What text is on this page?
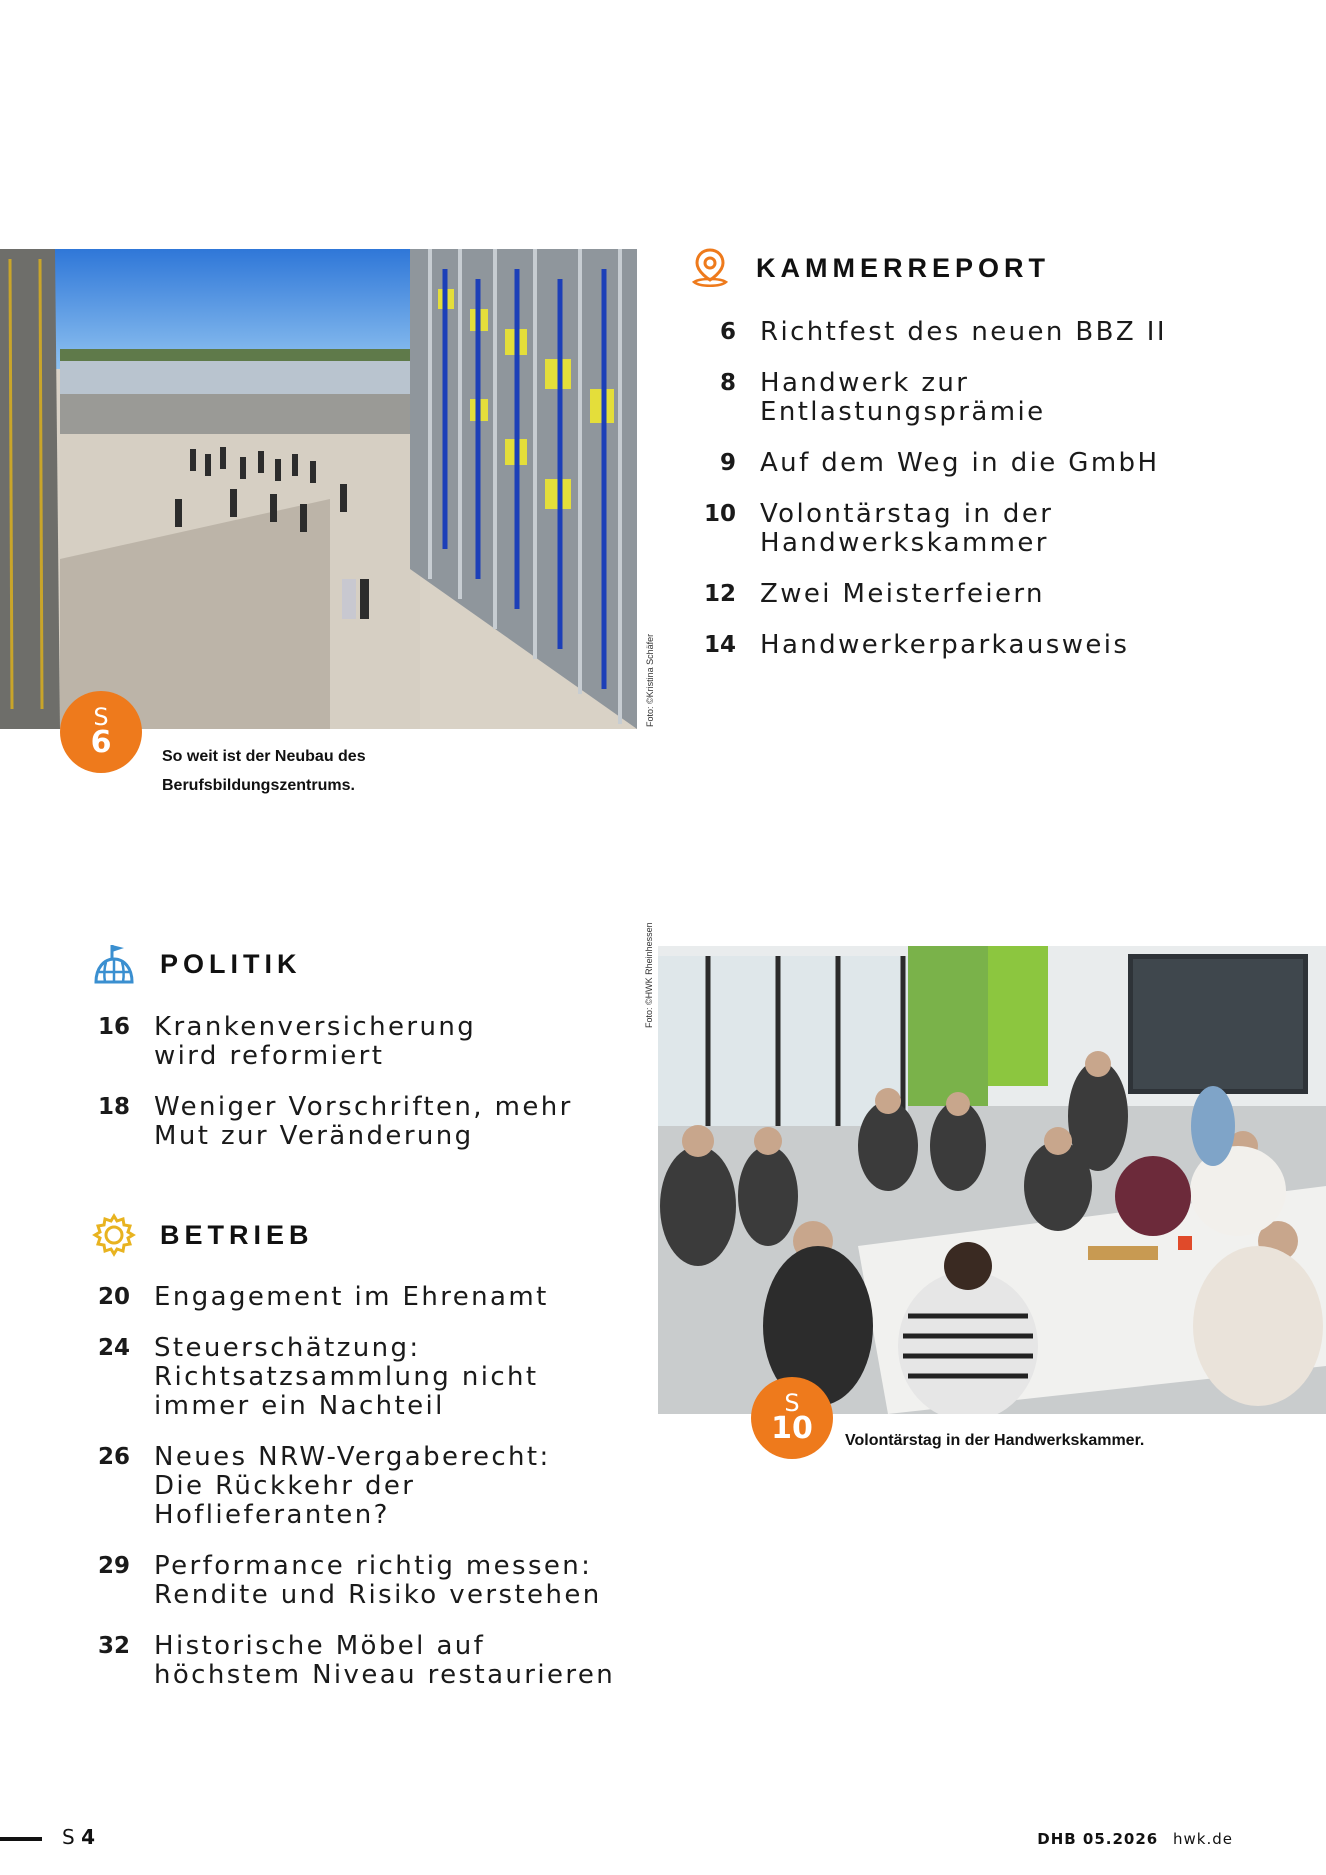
Foto: ©Kristina Schäfer
S
6	So weit ist der Neubau des
Berufsbildungszentrums.
KAMMERREPORT
6 Richtfest des neuen BBZ II
8 Handwerk zur
Entlastungsprämie
9 Auf dem Weg in die GmbH
10 Volontärstag in der
Handwerkskammer
12 Zwei Meisterfeiern
14 Handwerkerparkausweis
POLITIK
16 Krankenversicherung
wird reformiert
18 Weniger Vorschriften, mehr
Mut zur Veränderung
BETRIEB
20 Engagement im Ehrenamt
24 Steuerschätzung:
Richtsatzsammlung nicht
immer ein Nachteil
26 Neues NRW-Vergaberecht:
Die Rückkehr der
Hoflieferanten?
29 Performance richtig messen:
Rendite und Risiko verstehen
32 Historische Möbel auf
höchstem Niveau restaurieren
Foto: ©HWK Rheinhessen
S
10 Volontärstag in der Handwerkskammer.
S 4	DHB 05.2026 hwk.de
